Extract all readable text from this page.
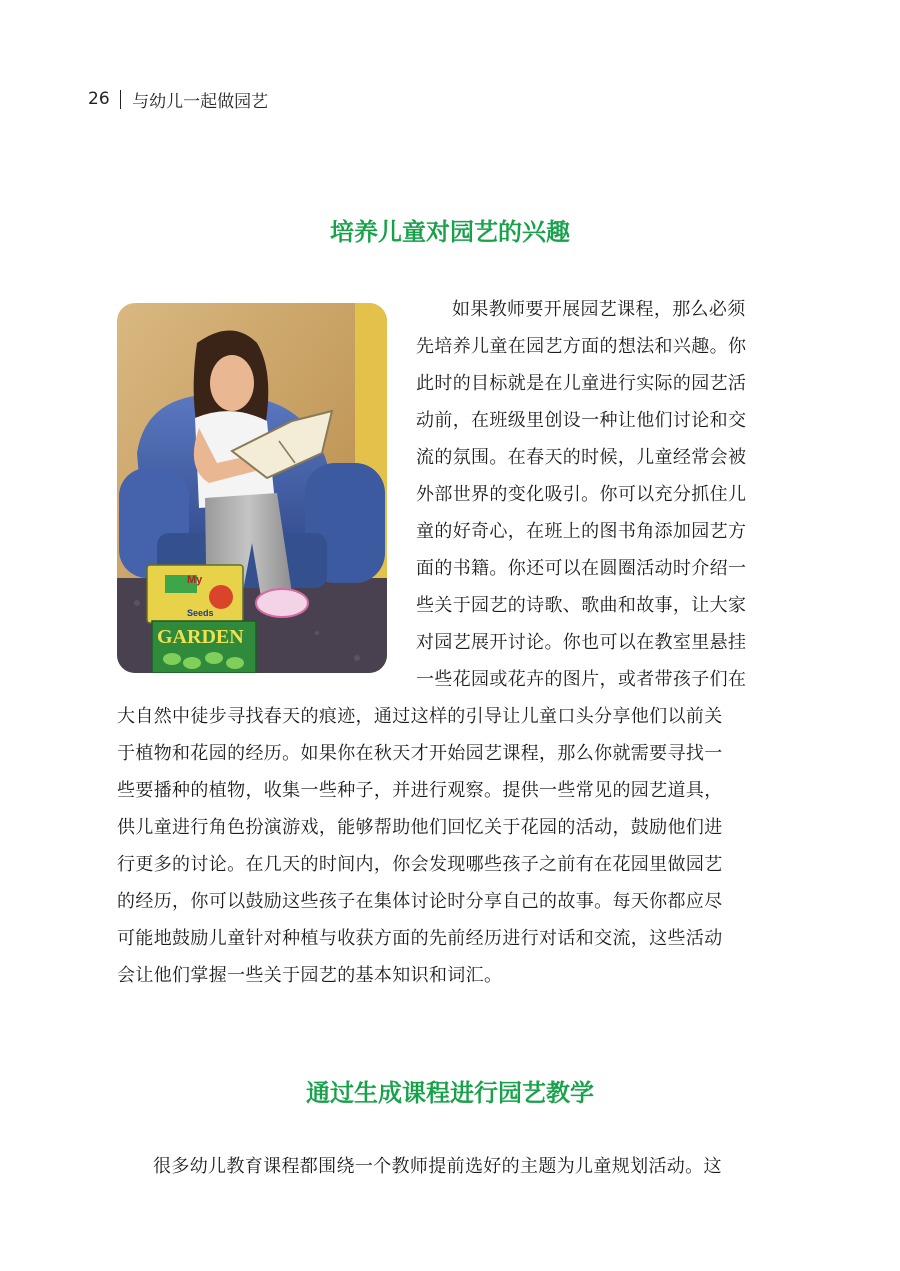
26 与幼儿一起做园艺
培养儿童对园艺的兴趣
My
Seeds
GARDEN

如果教师要开展园艺课程，那么必须

先培养儿童在园艺方面的想法和兴趣。你

此时的目标就是在儿童进行实际的园艺活

动前，在班级里创设一种让他们讨论和交

流的氛围。在春天的时候，儿童经常会被

外部世界的变化吸引。你可以充分抓住儿

童的好奇心，在班上的图书角添加园艺方

面的书籍。你还可以在圆圈活动时介绍一

些关于园艺的诗歌、歌曲和故事，让大家

对园艺展开讨论。你也可以在教室里悬挂

一些花园或花卉的图片，或者带孩子们在

大自然中徒步寻找春天的痕迹，通过这样的引导让儿童口头分享他们以前关

于植物和花园的经历。如果你在秋天才开始园艺课程，那么你就需要寻找一

些要播种的植物，收集一些种子，并进行观察。提供一些常见的园艺道具，

供儿童进行角色扮演游戏，能够帮助他们回忆关于花园的活动，鼓励他们进

行更多的讨论。在几天的时间内，你会发现哪些孩子之前有在花园里做园艺

的经历，你可以鼓励这些孩子在集体讨论时分享自己的故事。每天你都应尽

可能地鼓励儿童针对种植与收获方面的先前经历进行对话和交流，这些活动

会让他们掌握一些关于园艺的基本知识和词汇。

通过生成课程进行园艺教学

很多幼儿教育课程都围绕一个教师提前选好的主题为儿童规划活动。这
